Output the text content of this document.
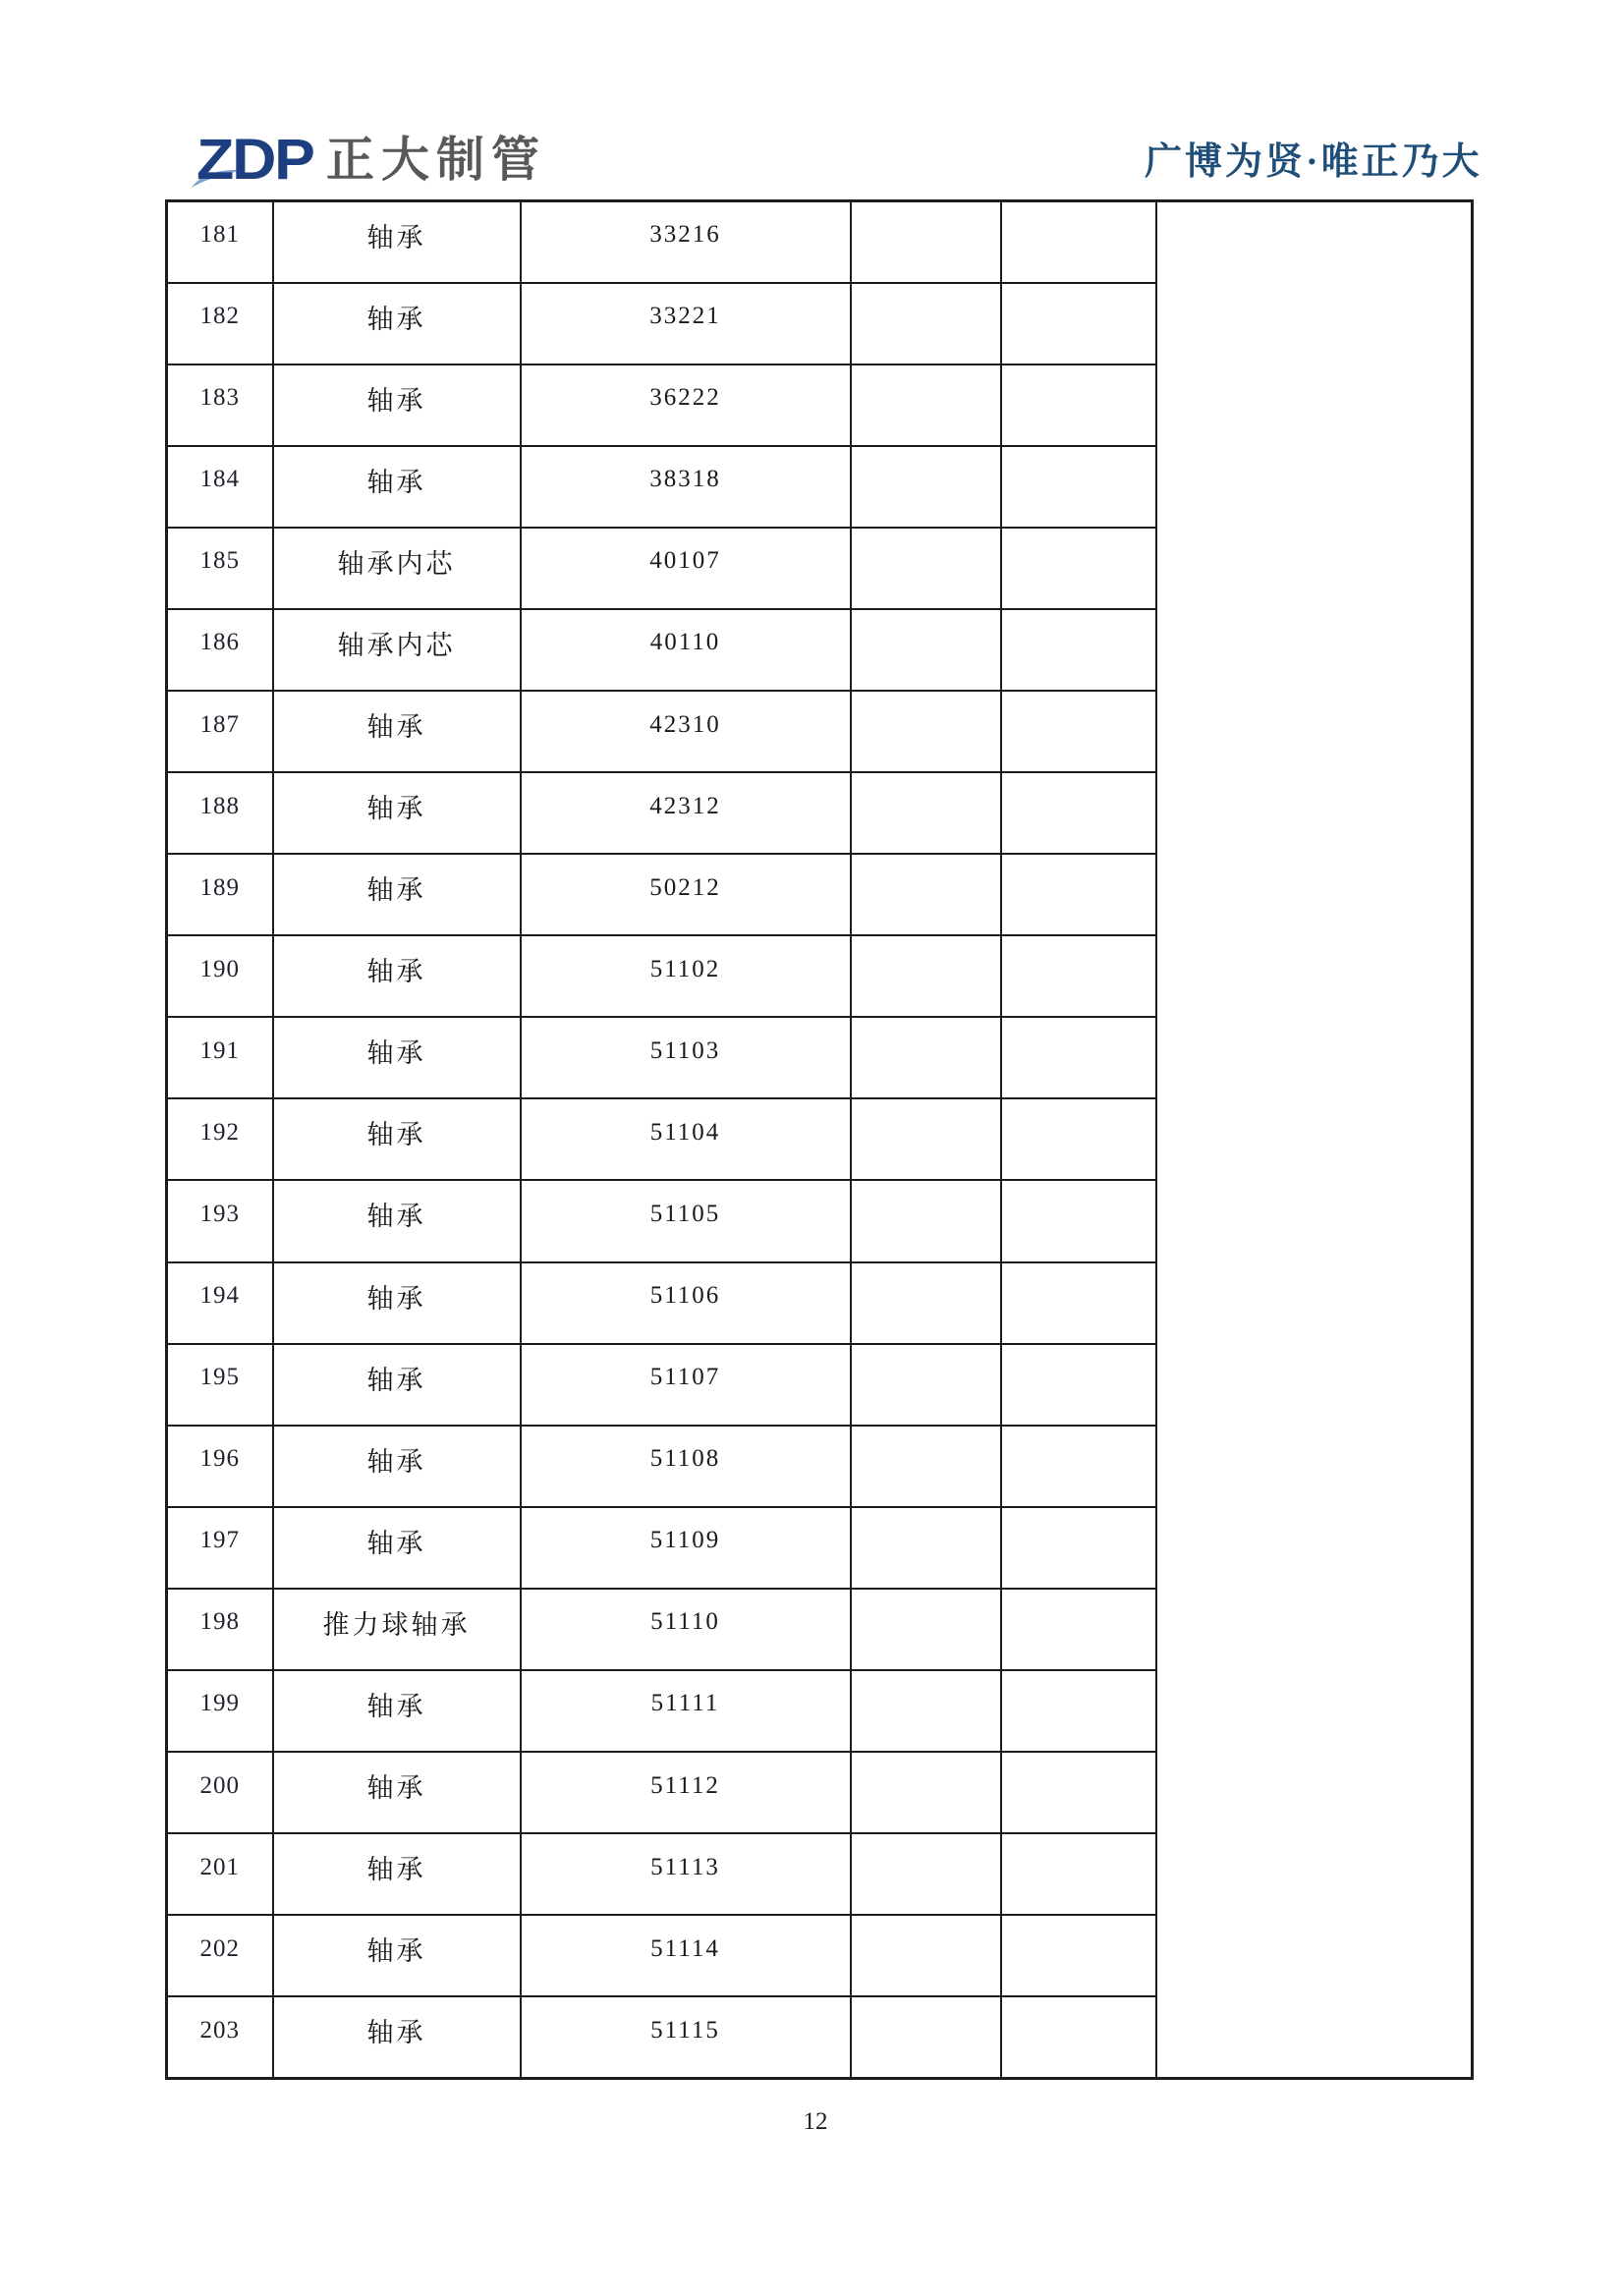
ZDP 正大制管	广博为贤·唯正乃大
181	轴承	33216			
182	轴承	33221			
183	轴承	36222			
184	轴承	38318			
185	轴承内芯	40107			
186	轴承内芯	40110			
187	轴承	42310			
188	轴承	42312			
189	轴承	50212			
190	轴承	51102			
191	轴承	51103			
192	轴承	51104			
193	轴承	51105			
194	轴承	51106			
195	轴承	51107			
196	轴承	51108			
197	轴承	51109			
198	推力球轴承	51110			
199	轴承	51111			
200	轴承	51112			
201	轴承	51113			
202	轴承	51114			
203	轴承	51115			
12
